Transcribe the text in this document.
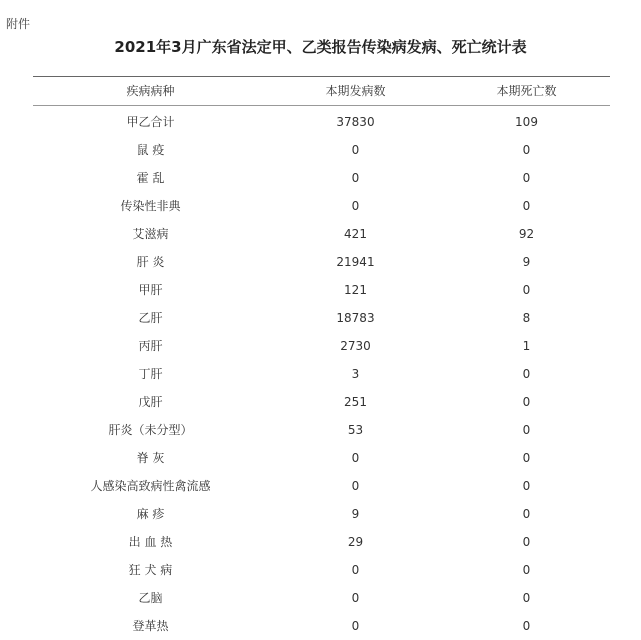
附件
2021年3月广东省法定甲、乙类报告传染病发病、死亡统计表
疾病病种	本期发病数	本期死亡数
甲乙合计	37830	109
鼠 疫	0	0
霍 乱	0	0
传染性非典	0	0
艾滋病	421	92
肝 炎	21941	9
甲肝	121	0
乙肝	18783	8
丙肝	2730	1
丁肝	3	0
戊肝	251	0
肝炎（未分型）	53	0
脊 灰	0	0
人感染高致病性禽流感	0	0
麻 疹	9	0
出 血 热	29	0
狂 犬 病	0	0
乙脑	0	0
登革热	0	0
